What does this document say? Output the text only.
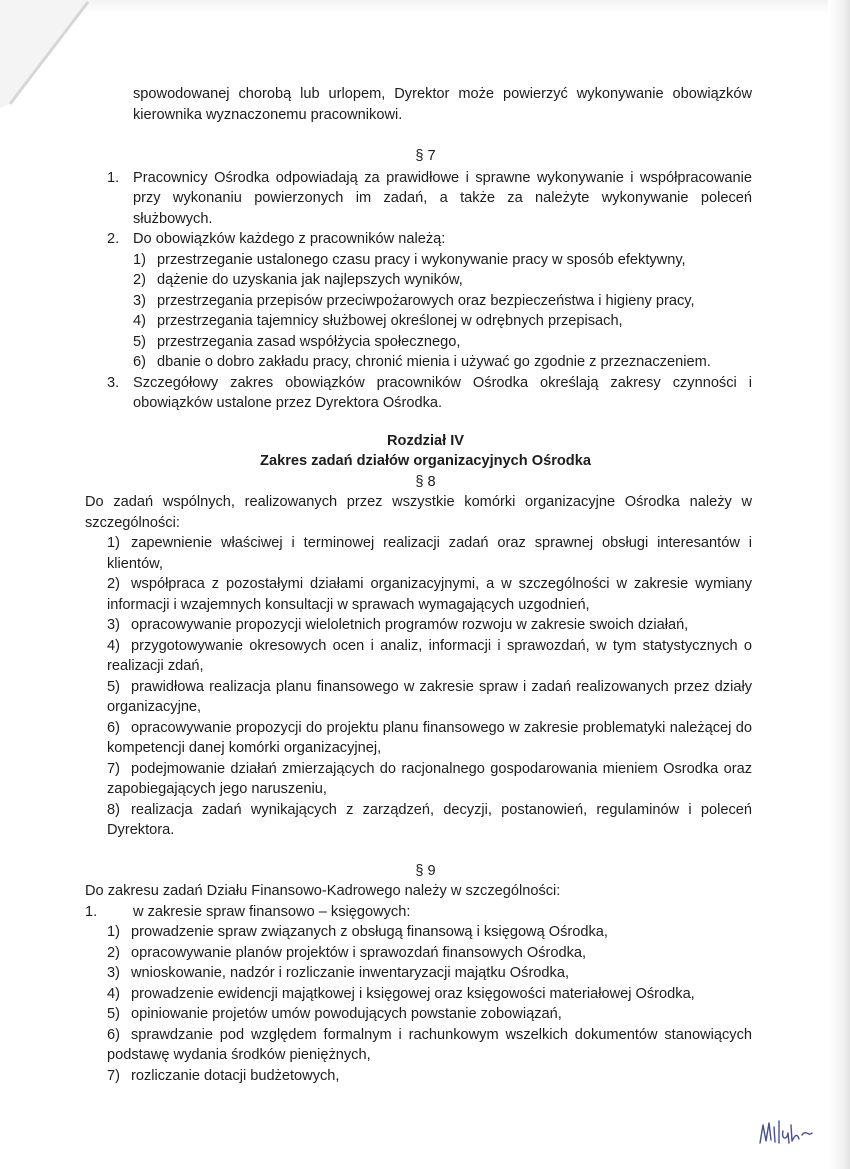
spowodowanej chorobą lub urlopem, Dyrektor może powierzyć wykonywanie obowiązków kierownika wyznaczonemu pracownikowi.

§ 7

1. Pracownicy Ośrodka odpowiadają za prawidłowe i sprawne wykonywanie i współpracowanie przy wykonaniu powierzonych im zadań, a także za należyte wykonywanie poleceń służbowych.
2. Do obowiązków każdego z pracowników należą:
1) przestrzeganie ustalonego czasu pracy i wykonywanie pracy w sposób efektywny,
2) dążenie do uzyskania jak najlepszych wyników,
3) przestrzegania przepisów przeciwpożarowych oraz bezpieczeństwa i higieny pracy,
4) przestrzegania tajemnicy służbowej określonej w odrębnych przepisach,
5) przestrzegania zasad współżycia społecznego,
6) dbanie o dobro zakładu pracy, chronić mienia i używać go zgodnie z przeznaczeniem.
3. Szczegółowy zakres obowiązków pracowników Ośrodka określają zakresy czynności i obowiązków ustalone przez Dyrektora Ośrodka.

Rozdział IV

Zakres zadań działów organizacyjnych Ośrodka

§ 8

Do zadań wspólnych, realizowanych przez wszystkie komórki organizacyjne Ośrodka należy w szczególności:

1) zapewnienie właściwej i terminowej realizacji zadań oraz sprawnej obsługi interesantów i klientów,

2) współpraca z pozostałymi działami organizacyjnymi, a w szczególności w zakresie wymiany informacji i wzajemnych konsultacji w sprawach wymagających uzgodnień,

3) opracowywanie propozycji wieloletnich programów rozwoju w zakresie swoich działań,

4) przygotowywanie okresowych ocen i analiz, informacji i sprawozdań, w tym statystycznych o realizacji zdań,

5) prawidłowa realizacja planu finansowego w zakresie spraw i zadań realizowanych przez działy organizacyjne,

6) opracowywanie propozycji do projektu planu finansowego w zakresie problematyki należącej do kompetencji danej komórki organizacyjnej,

7) podejmowanie działań zmierzających do racjonalnego gospodarowania mieniem Osrodka oraz zapobiegających jego naruszeniu,

8) realizacja zadań wynikających z zarządzeń, decyzji, postanowień, regulaminów i poleceń Dyrektora.

§ 9

Do zakresu zadań Działu Finansowo-Kadrowego należy w szczególności:

1.	w zakresie spraw finansowo – księgowych:

1) prowadzenie spraw związanych z obsługą finansową i księgową Ośrodka,

2) opracowywanie planów projektów i sprawozdań finansowych Ośrodka,

3) wnioskowanie, nadzór i rozliczanie inwentaryzacji majątku Ośrodka,

4) prowadzenie ewidencji majątkowej i księgowej oraz księgowości materiałowej Ośrodka,

5) opiniowanie projetów umów powodujących powstanie zobowiązań,

6) sprawdzanie pod względem formalnym i rachunkowym wszelkich dokumentów stanowiących podstawę wydania środków pieniężnych,

7) rozliczanie dotacji budżetowych,
